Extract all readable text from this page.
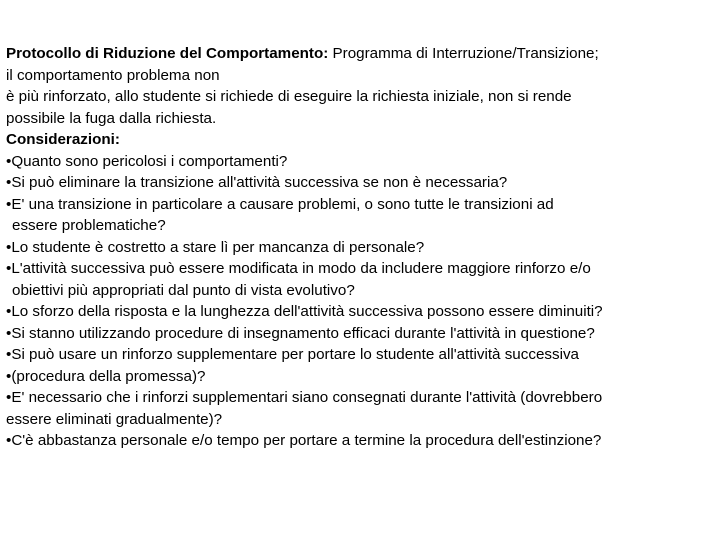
Protocollo di Riduzione del Comportamento: Programma di Interruzione/Transizione;
il comportamento problema non
è più rinforzato, allo studente si richiede di eseguire la richiesta iniziale, non si rende
possibile la fuga dalla richiesta.
Considerazioni:
•Quanto sono pericolosi i comportamenti?
•Si può eliminare la transizione all'attività successiva se non è necessaria?
•E' una transizione in particolare a causare problemi, o sono tutte le transizioni ad
essere problematiche?
•Lo studente è costretto a stare lì per mancanza di personale?
•L'attività successiva può essere modificata in modo da includere maggiore rinforzo e/o
obiettivi più appropriati dal punto di vista evolutivo?
•Lo sforzo della risposta e la lunghezza dell'attività successiva possono essere diminuiti?
•Si stanno utilizzando procedure di insegnamento efficaci durante l'attività in questione?
•Si può usare un rinforzo supplementare per portare lo studente all'attività successiva
•(procedura della promessa)?
•E' necessario che i rinforzi supplementari siano consegnati durante l'attività (dovrebbero
essere eliminati gradualmente)?
•C'è abbastanza personale e/o tempo per portare a termine la procedura dell'estinzione?
